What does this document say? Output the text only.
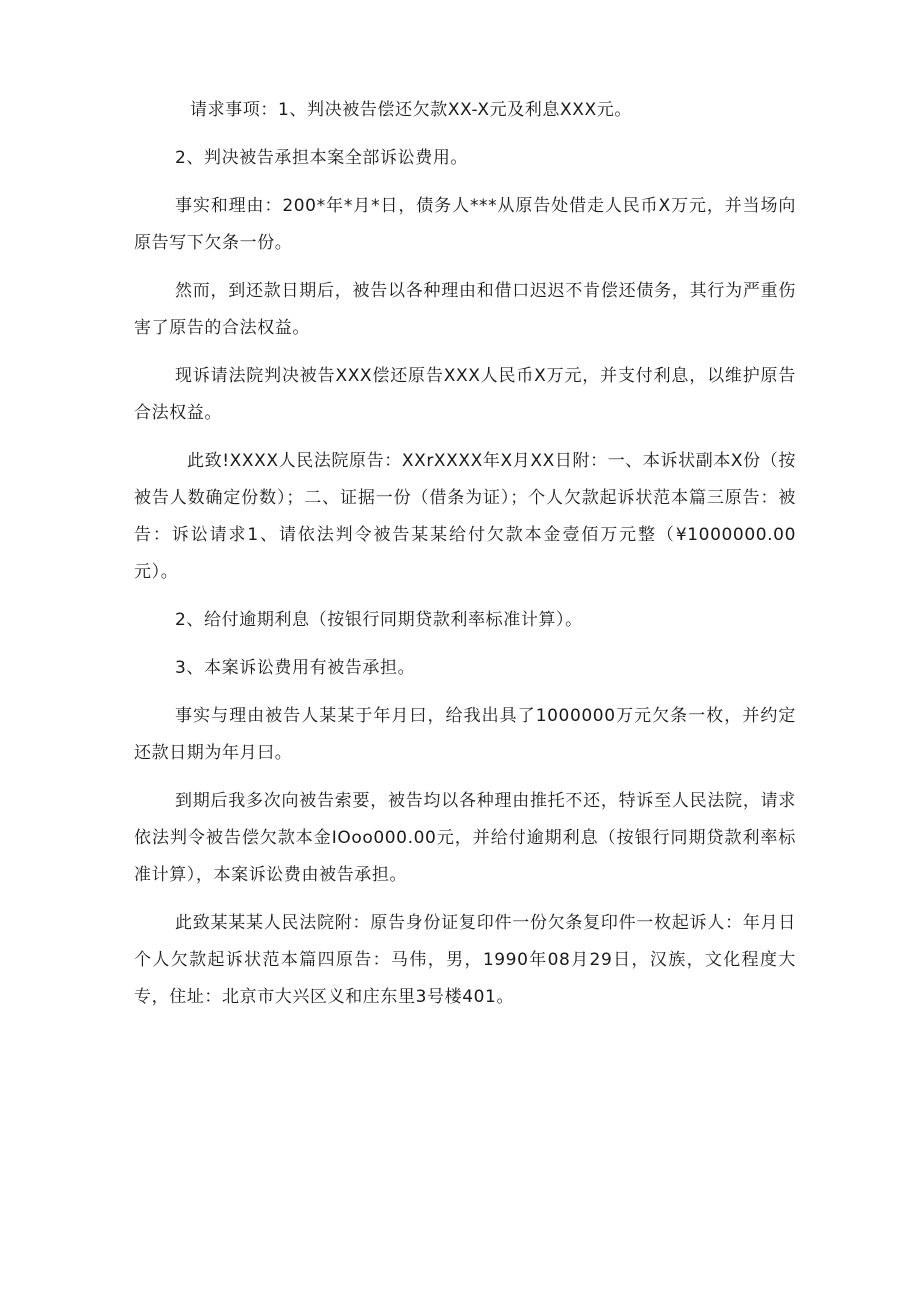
请求事项：1、判决被告偿还欠款XX-X元及利息XXX元。

2、判决被告承担本案全部诉讼费用。

事实和理由：200*年*月*日，债务人***从原告处借走人民币X万元，并当场向原告写下欠条一份。

然而，到还款日期后，被告以各种理由和借口迟迟不肯偿还债务，其行为严重伤害了原告的合法权益。

现诉请法院判决被告XXX偿还原告XXX人民币X万元，并支付利息，以维护原告合法权益。

此致!XXXX人民法院原告：XXrXXXX年X月XX日附：一、本诉状副本X份（按被告人数确定份数）；二、证据一份（借条为证）；个人欠款起诉状范本篇三原告：被告：诉讼请求1、请依法判令被告某某给付欠款本金壹佰万元整（¥1000000.00元）。

2、给付逾期利息（按银行同期贷款利率标准计算）。

3、本案诉讼费用有被告承担。

事实与理由被告人某某于年月曰，给我出具了1000000万元欠条一枚，并约定还款日期为年月曰。

到期后我多次向被告索要，被告均以各种理由推托不还，特诉至人民法院，请求依法判令被告偿欠款本金IOoo000.00元，并给付逾期利息（按银行同期贷款利率标准计算），本案诉讼费由被告承担。

此致某某某人民法院附：原告身份证复印件一份欠条复印件一枚起诉人：年月日个人欠款起诉状范本篇四原告：马伟，男，1990年08月29日，汉族，文化程度大专，住址：北京市大兴区义和庄东里3号楼401。
